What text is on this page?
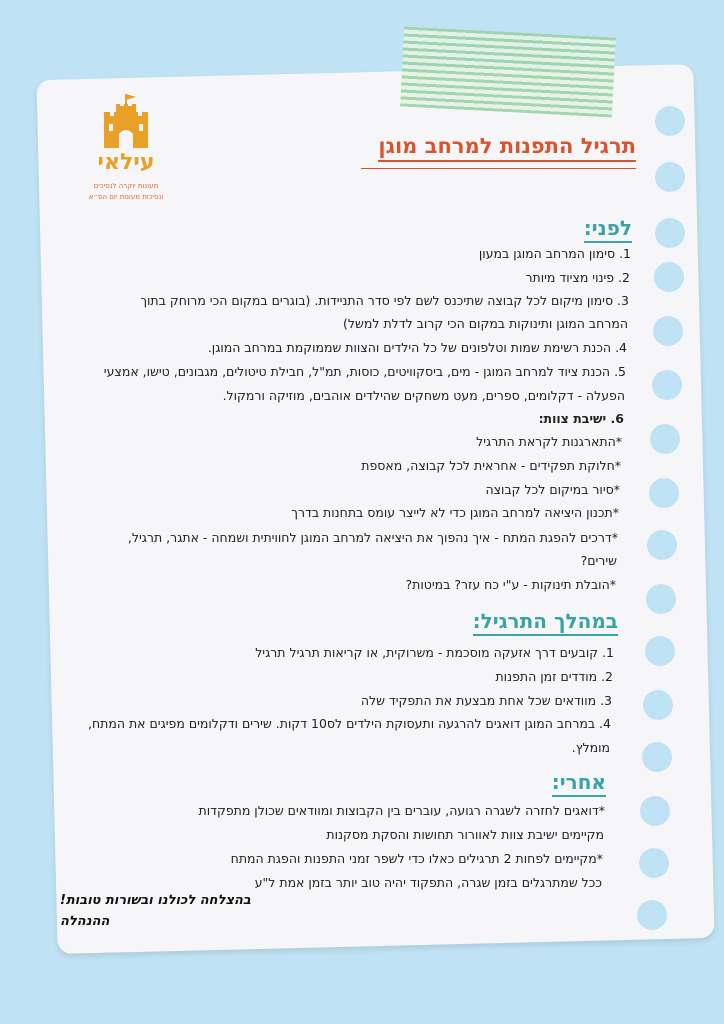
עילאי
מעונות יוקרה לנסיכים
ונסיכות מעונות יום הס״א
תרגיל התפנות למרחב מוגן
לפני:
1. סימון המרחב המוגן במעון
2. פינוי מציוד מיותר
3. סימון מיקום לכל קבוצה שתיכנס לשם לפי סדר התניידות. (בוגרים במקום הכי מרוחק בתוך
המרחב המוגן ותינוקות במקום הכי קרוב לדלת למשל)
4. הכנת רשימת שמות וטלפונים של כל הילדים והצוות שממוקמת במרחב המוגן.
5. הכנת ציוד למרחב המוגן - מים, ביסקוויטים, כוסות, תמ"ל, חבילת טיטולים, מגבונים, טישו, אמצעי
הפעלה - דקלומים, ספרים, מעט משחקים שהילדים אוהבים, מוזיקה ורמקול.
6. ישיבת צוות:
*התארגנות לקראת התרגיל
*חלוקת תפקידים - אחראית לכל קבוצה, מאספת
*סיור במיקום לכל קבוצה
*תכנון היציאה למרחב המוגן כדי לא לייצר עומס בתחנות בדרך
*דרכים להפגת המתח - איך נהפוך את היציאה למרחב המוגן לחוויתית ושמחה - אתגר, תרגיל,
שירים?
*הובלת תינוקות - ע"י כח עזר? במיטות?
במהלך התרגיל:
1. קובעים דרך אזעקה מוסכמת - משרוקית, או קריאות תרגיל תרגיל
2. מודדים זמן התפנות
3. מוודאים שכל אחת מבצעת את התפקיד שלה
4. במרחב המוגן דואגים להרגעה ותעסוקת הילדים לס10 דקות. שירים ודקלומים מפיגים את המתח,
מומלץ.
אחרי:
*דואגים לחזרה לשגרה רגועה, עוברים בין הקבוצות ומוודאים שכולן מתפקדות
מקיימים ישיבת צוות לאוורור תחושות והסקת מסקנות
*מקיימים לפחות 2 תרגילים כאלו כדי לשפר זמני התפנות והפגת המתח
ככל שמתרגלים בזמן שגרה, התפקוד יהיה טוב יותר בזמן אמת ל"ע
בהצלחה לכולנו ובשורות טובות!
ההנהלה
